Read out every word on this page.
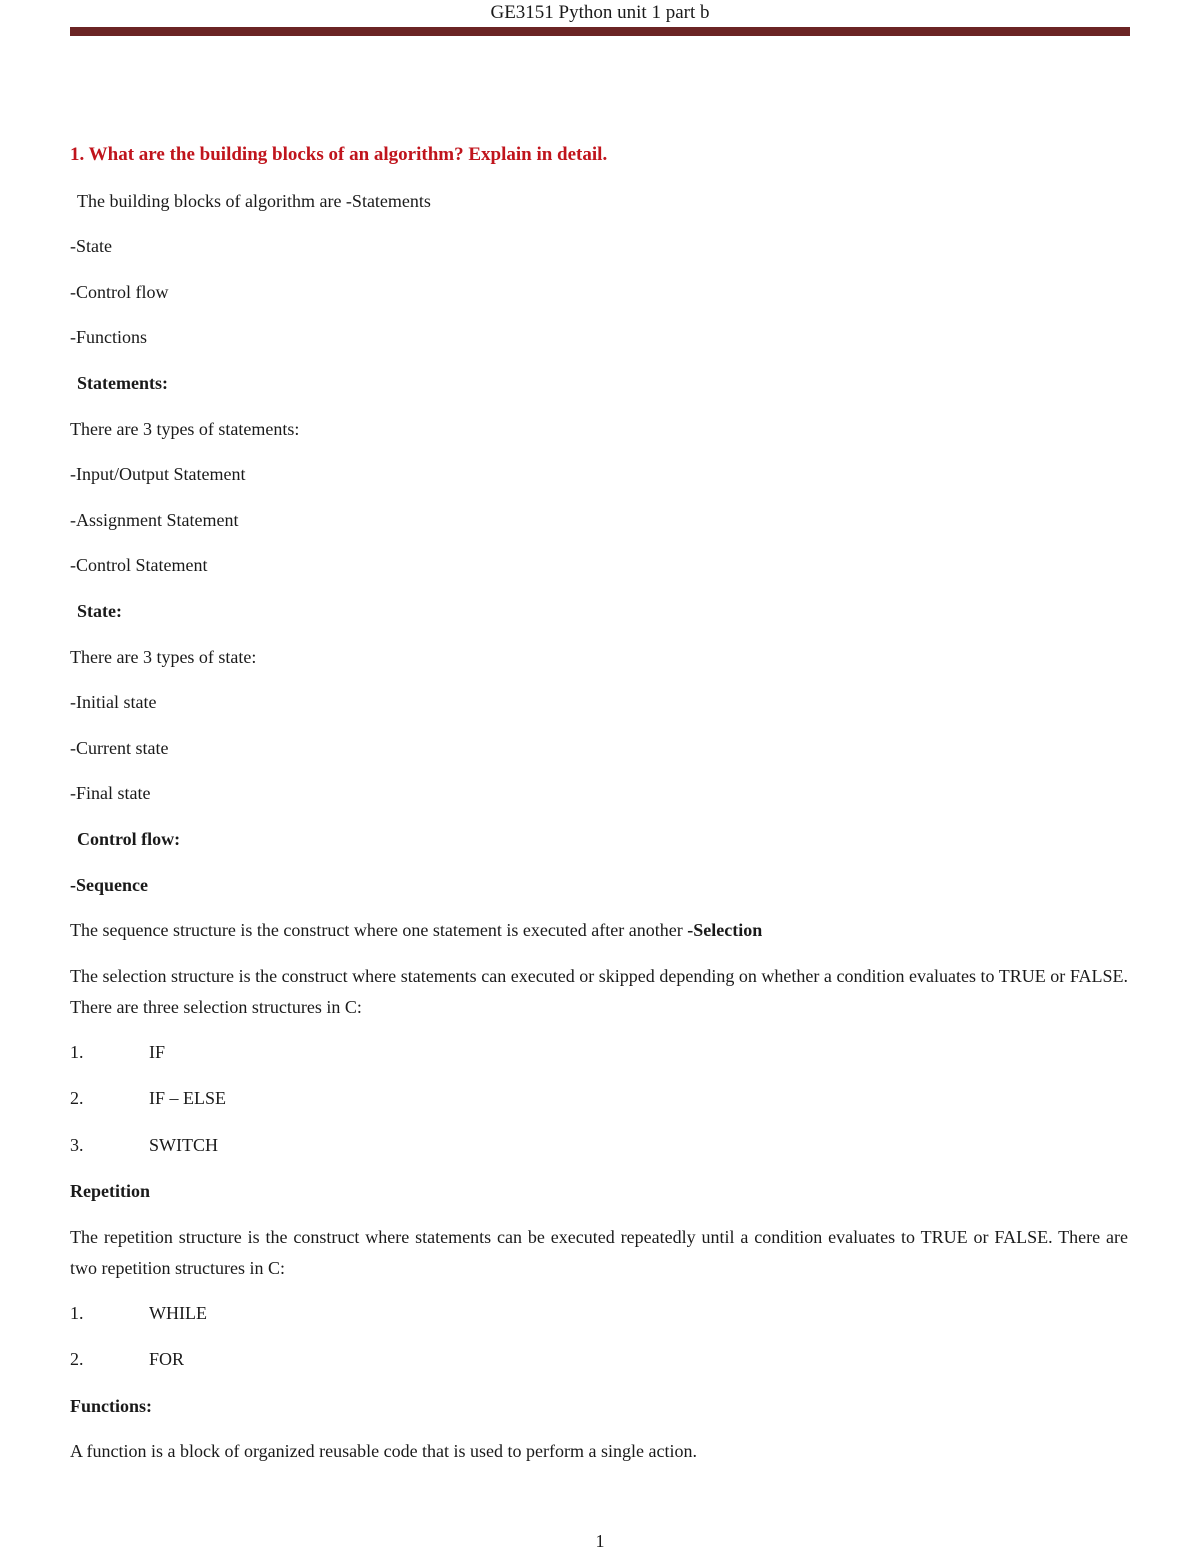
GE3151 Python unit 1 part b
1. What are the building blocks of an algorithm? Explain in detail.
The building blocks of algorithm are -Statements
-State
-Control flow
-Functions
Statements:
There are 3 types of statements:
-Input/Output Statement
-Assignment Statement
-Control Statement
State:
There are 3 types of state:
-Initial state
-Current state
-Final state
Control flow:
-Sequence
The sequence structure is the construct where one statement is executed after another -Selection
The selection structure is the construct where statements can executed or skipped depending on whether a condition evaluates to TRUE or FALSE. There are three selection structures in C:
1.	IF
2.	IF – ELSE
3.	SWITCH
Repetition
The repetition structure is the construct where statements can be executed repeatedly until a condition evaluates to TRUE or FALSE. There are two repetition structures in C:
1.	WHILE
2.	FOR
Functions:
A function is a block of organized reusable code that is used to perform a single action.
1
